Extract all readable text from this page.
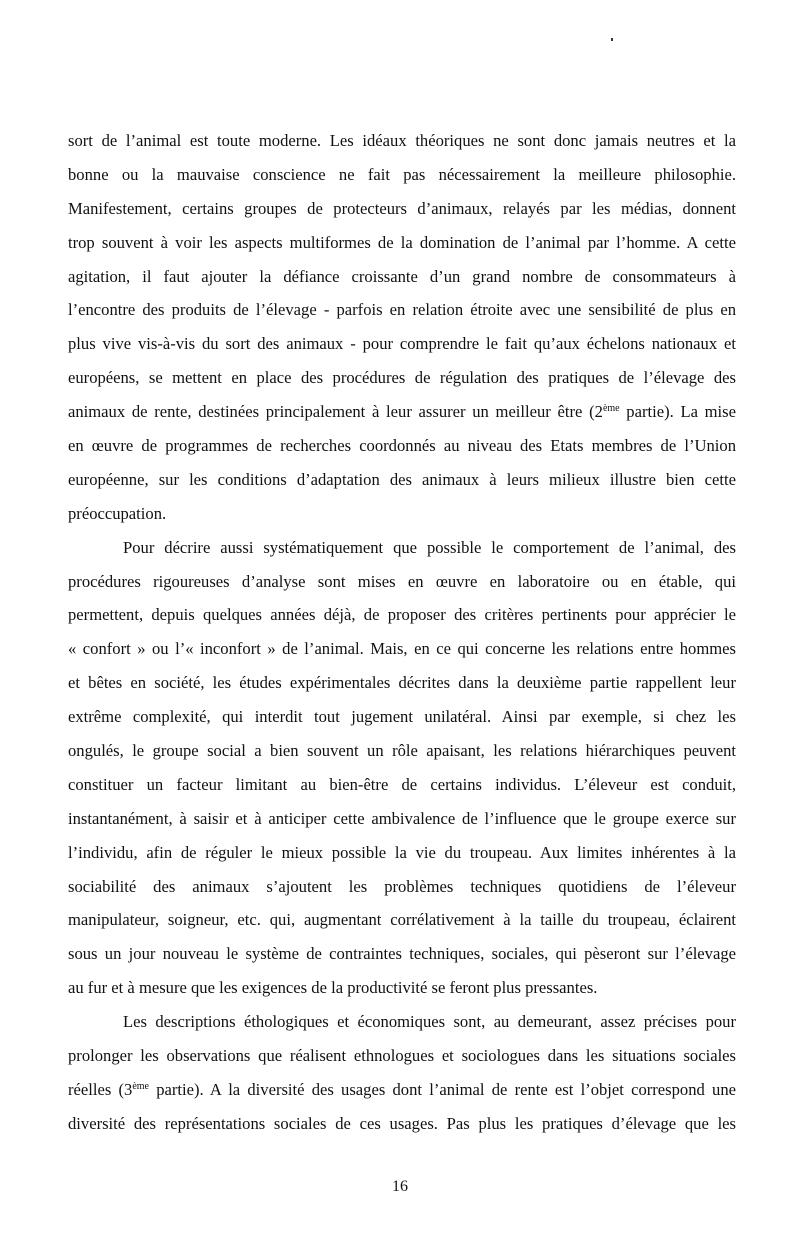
sort de l’animal est toute moderne. Les idéaux théoriques ne sont donc jamais neutres et la
bonne ou la mauvaise conscience ne fait pas nécessairement la meilleure philosophie.
Manifestement, certains groupes de protecteurs d’animaux, relayés par les médias, donnent
trop souvent à voir les aspects multiformes de la domination de l’animal par l’homme. A cette
agitation, il faut ajouter la défiance croissante d’un grand nombre de consommateurs à
l’encontre des produits de l’élevage - parfois en relation étroite avec une sensibilité de plus en
plus vive vis-à-vis du sort des animaux - pour comprendre le fait qu’aux échelons nationaux et
européens, se mettent en place des procédures de régulation des pratiques de l’élevage des
animaux de rente, destinées principalement à leur assurer un meilleur être (2ème partie). La mise
en œuvre de programmes de recherches coordonnés au niveau des Etats membres de l’Union
européenne, sur les conditions d’adaptation des animaux à leurs milieux illustre bien cette
préoccupation.
Pour décrire aussi systématiquement que possible le comportement de l’animal, des
procédures rigoureuses d’analyse sont mises en œuvre en laboratoire ou en étable, qui
permettent, depuis quelques années déjà, de proposer des critères pertinents pour apprécier le
« confort » ou l’« inconfort » de l’animal. Mais, en ce qui concerne les relations entre hommes
et bêtes en société, les études expérimentales décrites dans la deuxième partie rappellent leur
extrême complexité, qui interdit tout jugement unilatéral. Ainsi par exemple, si chez les
ongulés, le groupe social a bien souvent un rôle apaisant, les relations hiérarchiques peuvent
constituer un facteur limitant au bien-être de certains individus. L’éleveur est conduit,
instantanément, à saisir et à anticiper cette ambivalence de l’influence que le groupe exerce sur
l’individu, afin de réguler le mieux possible la vie du troupeau. Aux limites inhérentes à la
sociabilité des animaux s’ajoutent les problèmes techniques quotidiens de l’éleveur
manipulateur, soigneur, etc. qui, augmentant corrélativement à la taille du troupeau, éclairent
sous un jour nouveau le système de contraintes techniques, sociales, qui pèseront sur l’élevage
au fur et à mesure que les exigences de la productivité se feront plus pressantes.
Les descriptions éthologiques et économiques sont, au demeurant, assez précises pour
prolonger les observations que réalisent ethnologues et sociologues dans les situations sociales
réelles (3ème partie). A la diversité des usages dont l’animal de rente est l’objet correspond une
diversité des représentations sociales de ces usages. Pas plus les pratiques d’élevage que les
16
